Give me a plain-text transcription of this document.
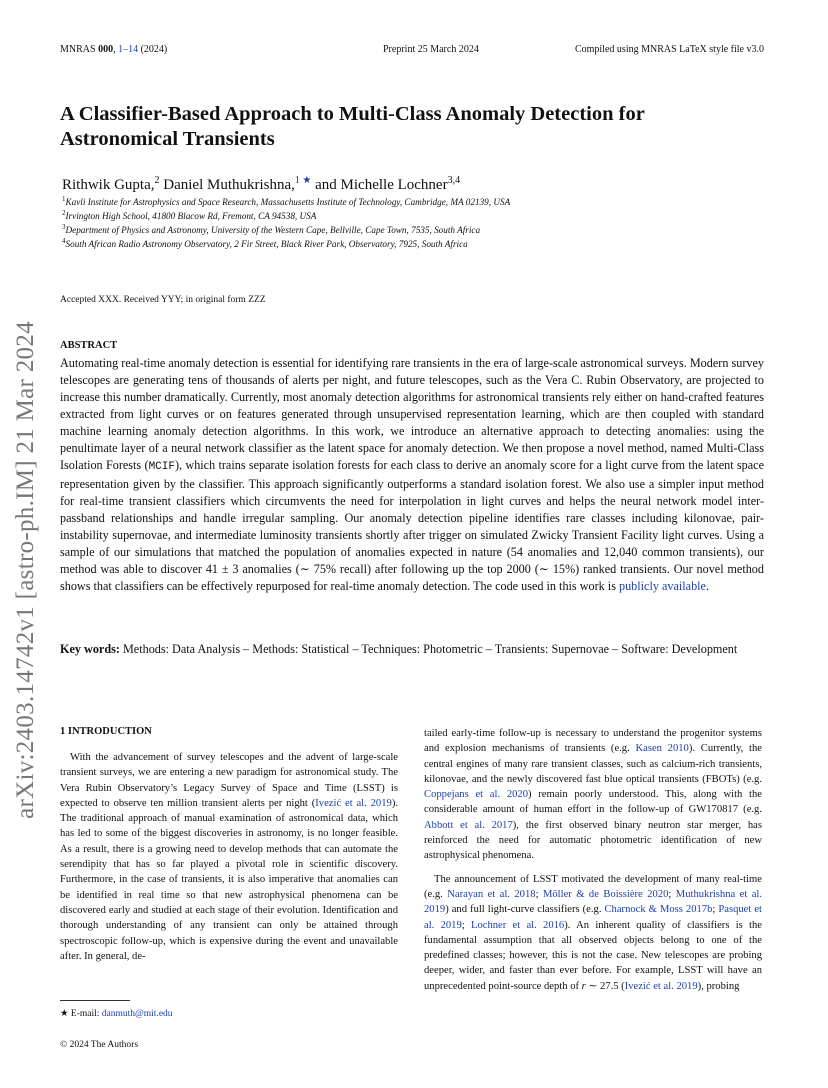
MNRAS 000, 1–14 (2024)	Preprint 25 March 2024	Compiled using MNRAS LaTeX style file v3.0
arXiv:2403.14742v1 [astro-ph.IM] 21 Mar 2024
A Classifier-Based Approach to Multi-Class Anomaly Detection for Astronomical Transients
Rithwik Gupta,$^2$ Daniel Muthukrishna,$^{1 ★}$ and Michelle Lochner$^{3,4}$
$^1$Kavli Institute for Astrophysics and Space Research, Massachusetts Institute of Technology, Cambridge, MA 02139, USA
$^2$Irvington High School, 41800 Blacow Rd, Fremont, CA 94538, USA
$^3$Department of Physics and Astronomy, University of the Western Cape, Bellville, Cape Town, 7535, South Africa
$^4$South African Radio Astronomy Observatory, 2 Fir Street, Black River Park, Observatory, 7925, South Africa
Accepted XXX. Received YYY; in original form ZZZ
ABSTRACT

Automating real-time anomaly detection is essential for identifying rare transients in the era of large-scale astronomical surveys. Modern survey telescopes are generating tens of thousands of alerts per night, and future telescopes, such as the Vera C. Rubin Observatory, are projected to increase this number dramatically. Currently, most anomaly detection algorithms for astronomical transients rely either on hand-crafted features extracted from light curves or on features generated through unsupervised representation learning, which are then coupled with standard machine learning anomaly detection algorithms. In this work, we introduce an alternative approach to detecting anomalies: using the penultimate layer of a neural network classifier as the latent space for anomaly detection. We then propose a novel method, named Multi-Class Isolation Forests (MCIF), which trains separate isolation forests for each class to derive an anomaly score for a light curve from the latent space representation given by the classifier. This approach significantly outperforms a standard isolation forest. We also use a simpler input method for real-time transient classifiers which circumvents the need for interpolation in light curves and helps the neural network model inter-passband relationships and handle irregular sampling. Our anomaly detection pipeline identifies rare classes including kilonovae, pair-instability supernovae, and intermediate luminosity transients shortly after trigger on simulated Zwicky Transient Facility light curves. Using a sample of our simulations that matched the population of anomalies expected in nature (54 anomalies and 12,040 common transients), our method was able to discover 41 ± 3 anomalies (∼ 75% recall) after following up the top 2000 (∼ 15%) ranked transients. Our novel method shows that classifiers can be effectively repurposed for real-time anomaly detection. The code used in this work is publicly available.

Key words: Methods: Data Analysis – Methods: Statistical – Techniques: Photometric – Transients: Supernovae – Software: Development

1 INTRODUCTION

With the advancement of survey telescopes and the advent of large-scale transient surveys, we are entering a new paradigm for astronomical study. The Vera Rubin Observatory’s Legacy Survey of Space and Time (LSST) is expected to observe ten million transient alerts per night (Ivezić et al. 2019). The traditional approach of manual examination of astronomical data, which has led to some of the biggest discoveries in astronomy, is no longer feasible. As a result, there is a growing need to develop methods that can automate the serendipity that has so far played a pivotal role in scientific discovery. Furthermore, in the case of transients, it is also imperative that anomalies can be identified in real time so that new astrophysical phenomena can be discovered early and studied at each stage of their evolution. Identification and thorough understanding of any transient can only be attained through spectroscopic follow-up, which is expensive during the event and unavailable after. In general, de-

tailed early-time follow-up is necessary to understand the progenitor systems and explosion mechanisms of transients (e.g. Kasen 2010). Currently, the central engines of many rare transient classes, such as calcium-rich transients, kilonovae, and the newly discovered fast blue optical transients (FBOTs) (e.g. Coppejans et al. 2020) remain poorly understood. This, along with the considerable amount of human effort in the follow-up of GW170817 (e.g. Abbott et al. 2017), the first observed binary neutron star merger, has reinforced the need for automatic photometric identification of new astrophysical phenomena.

The announcement of LSST motivated the development of many real-time (e.g. Narayan et al. 2018; Möller & de Boissière 2020; Muthukrishna et al. 2019) and full light-curve classifiers (e.g. Charnock & Moss 2017b; Pasquet et al. 2019; Lochner et al. 2016). An inherent quality of classifiers is the fundamental assumption that all observed objects belong to one of the predefined classes; however, this is not the case. New telescopes are probing deeper, wider, and faster than ever before. For example, LSST will have an unprecedented point-source depth of r ∼ 27.5 (Ivezić et al. 2019), probing

★ E-mail: danmuth@mit.edu
© 2024 The Authors
